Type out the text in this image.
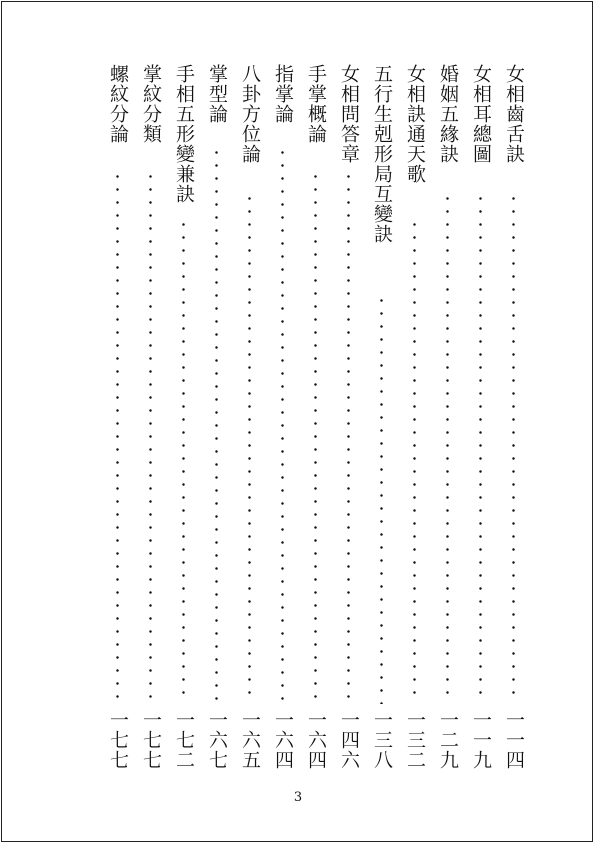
女相齒舌訣
一一四
女相耳總圖
一一九
婚姻五緣訣
一二九
女相訣通天歌
一三二
五行生剋形局互變訣
一三八
女相問答章
一四六
手掌概論
一六四
指掌論
一六四
八卦方位論
一六五
掌型論
一六七
手相五形變兼訣
一七二
掌紋分類
一七七
螺紋分論
一七七
3
